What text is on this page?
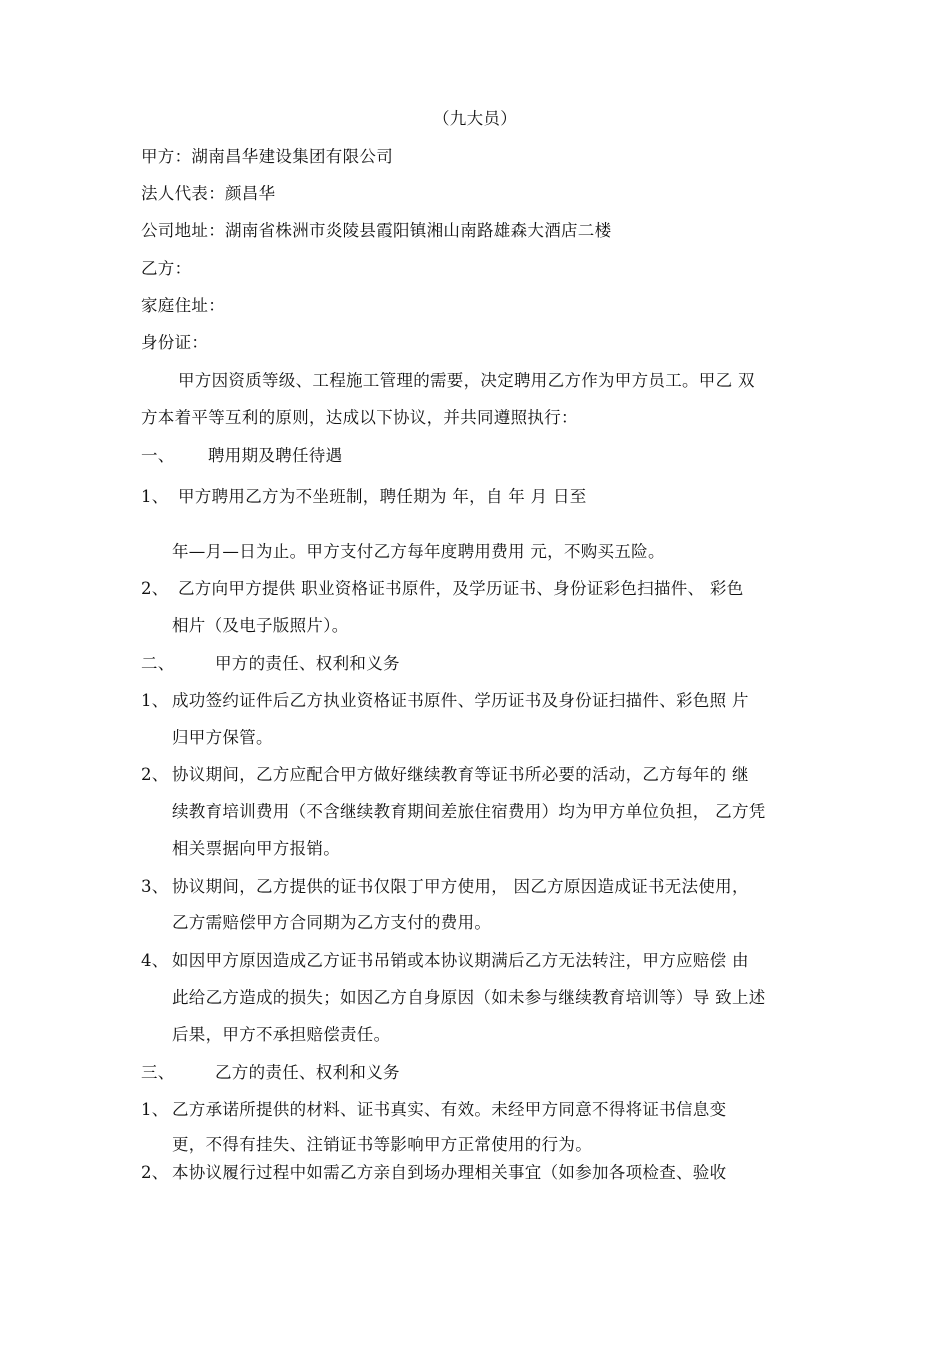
（九大员）
甲方：湖南昌华建设集团有限公司
法人代表：颜昌华
公司地址：湖南省株洲市炎陵县霞阳镇湘山南路雄森大酒店二楼
乙方：
家庭住址：
身份证：
甲方因资质等级、工程施工管理的需要，决定聘用乙方作为甲方员工。甲乙 双
方本着平等互利的原则，达成以下协议，并共同遵照执行：
一、 聘用期及聘任待遇
1、 甲方聘用乙方为不坐班制，聘任期为 年，自 年 月 日至
年—月—日为止。甲方支付乙方每年度聘用费用 元，不购买五险。
2、 乙方向甲方提供 职业资格证书原件，及学历证书、身份证彩色扫描件、 彩色
相片（及电子版照片）。
二、 甲方的责任、权利和义务
1、 成功签约证件后乙方执业资格证书原件、学历证书及身份证扫描件、彩色照 片
归甲方保管。
2、 协议期间，乙方应配合甲方做好继续教育等证书所必要的活动，乙方每年的 继
续教育培训费用（不含继续教育期间差旅住宿费用）均为甲方单位负担， 乙方凭
相关票据向甲方报销。
3、 协议期间，乙方提供的证书仅限丁甲方使用， 因乙方原因造成证书无法使用，
乙方需赔偿甲方合同期为乙方支付的费用。
4、 如因甲方原因造成乙方证书吊销或本协议期满后乙方无法转注，甲方应赔偿 由
此给乙方造成的损失；如因乙方自身原因（如未参与继续教育培训等）导 致上述
后果，甲方不承担赔偿责任。
三、 乙方的责任、权利和义务
1、 乙方承诺所提供的材料、证书真实、有效。未经甲方同意不得将证书信息变
更，不得有挂失、注销证书等影响甲方正常使用的行为。
2、 本协议履行过程中如需乙方亲自到场办理相关事宜（如参加各项检查、验收
